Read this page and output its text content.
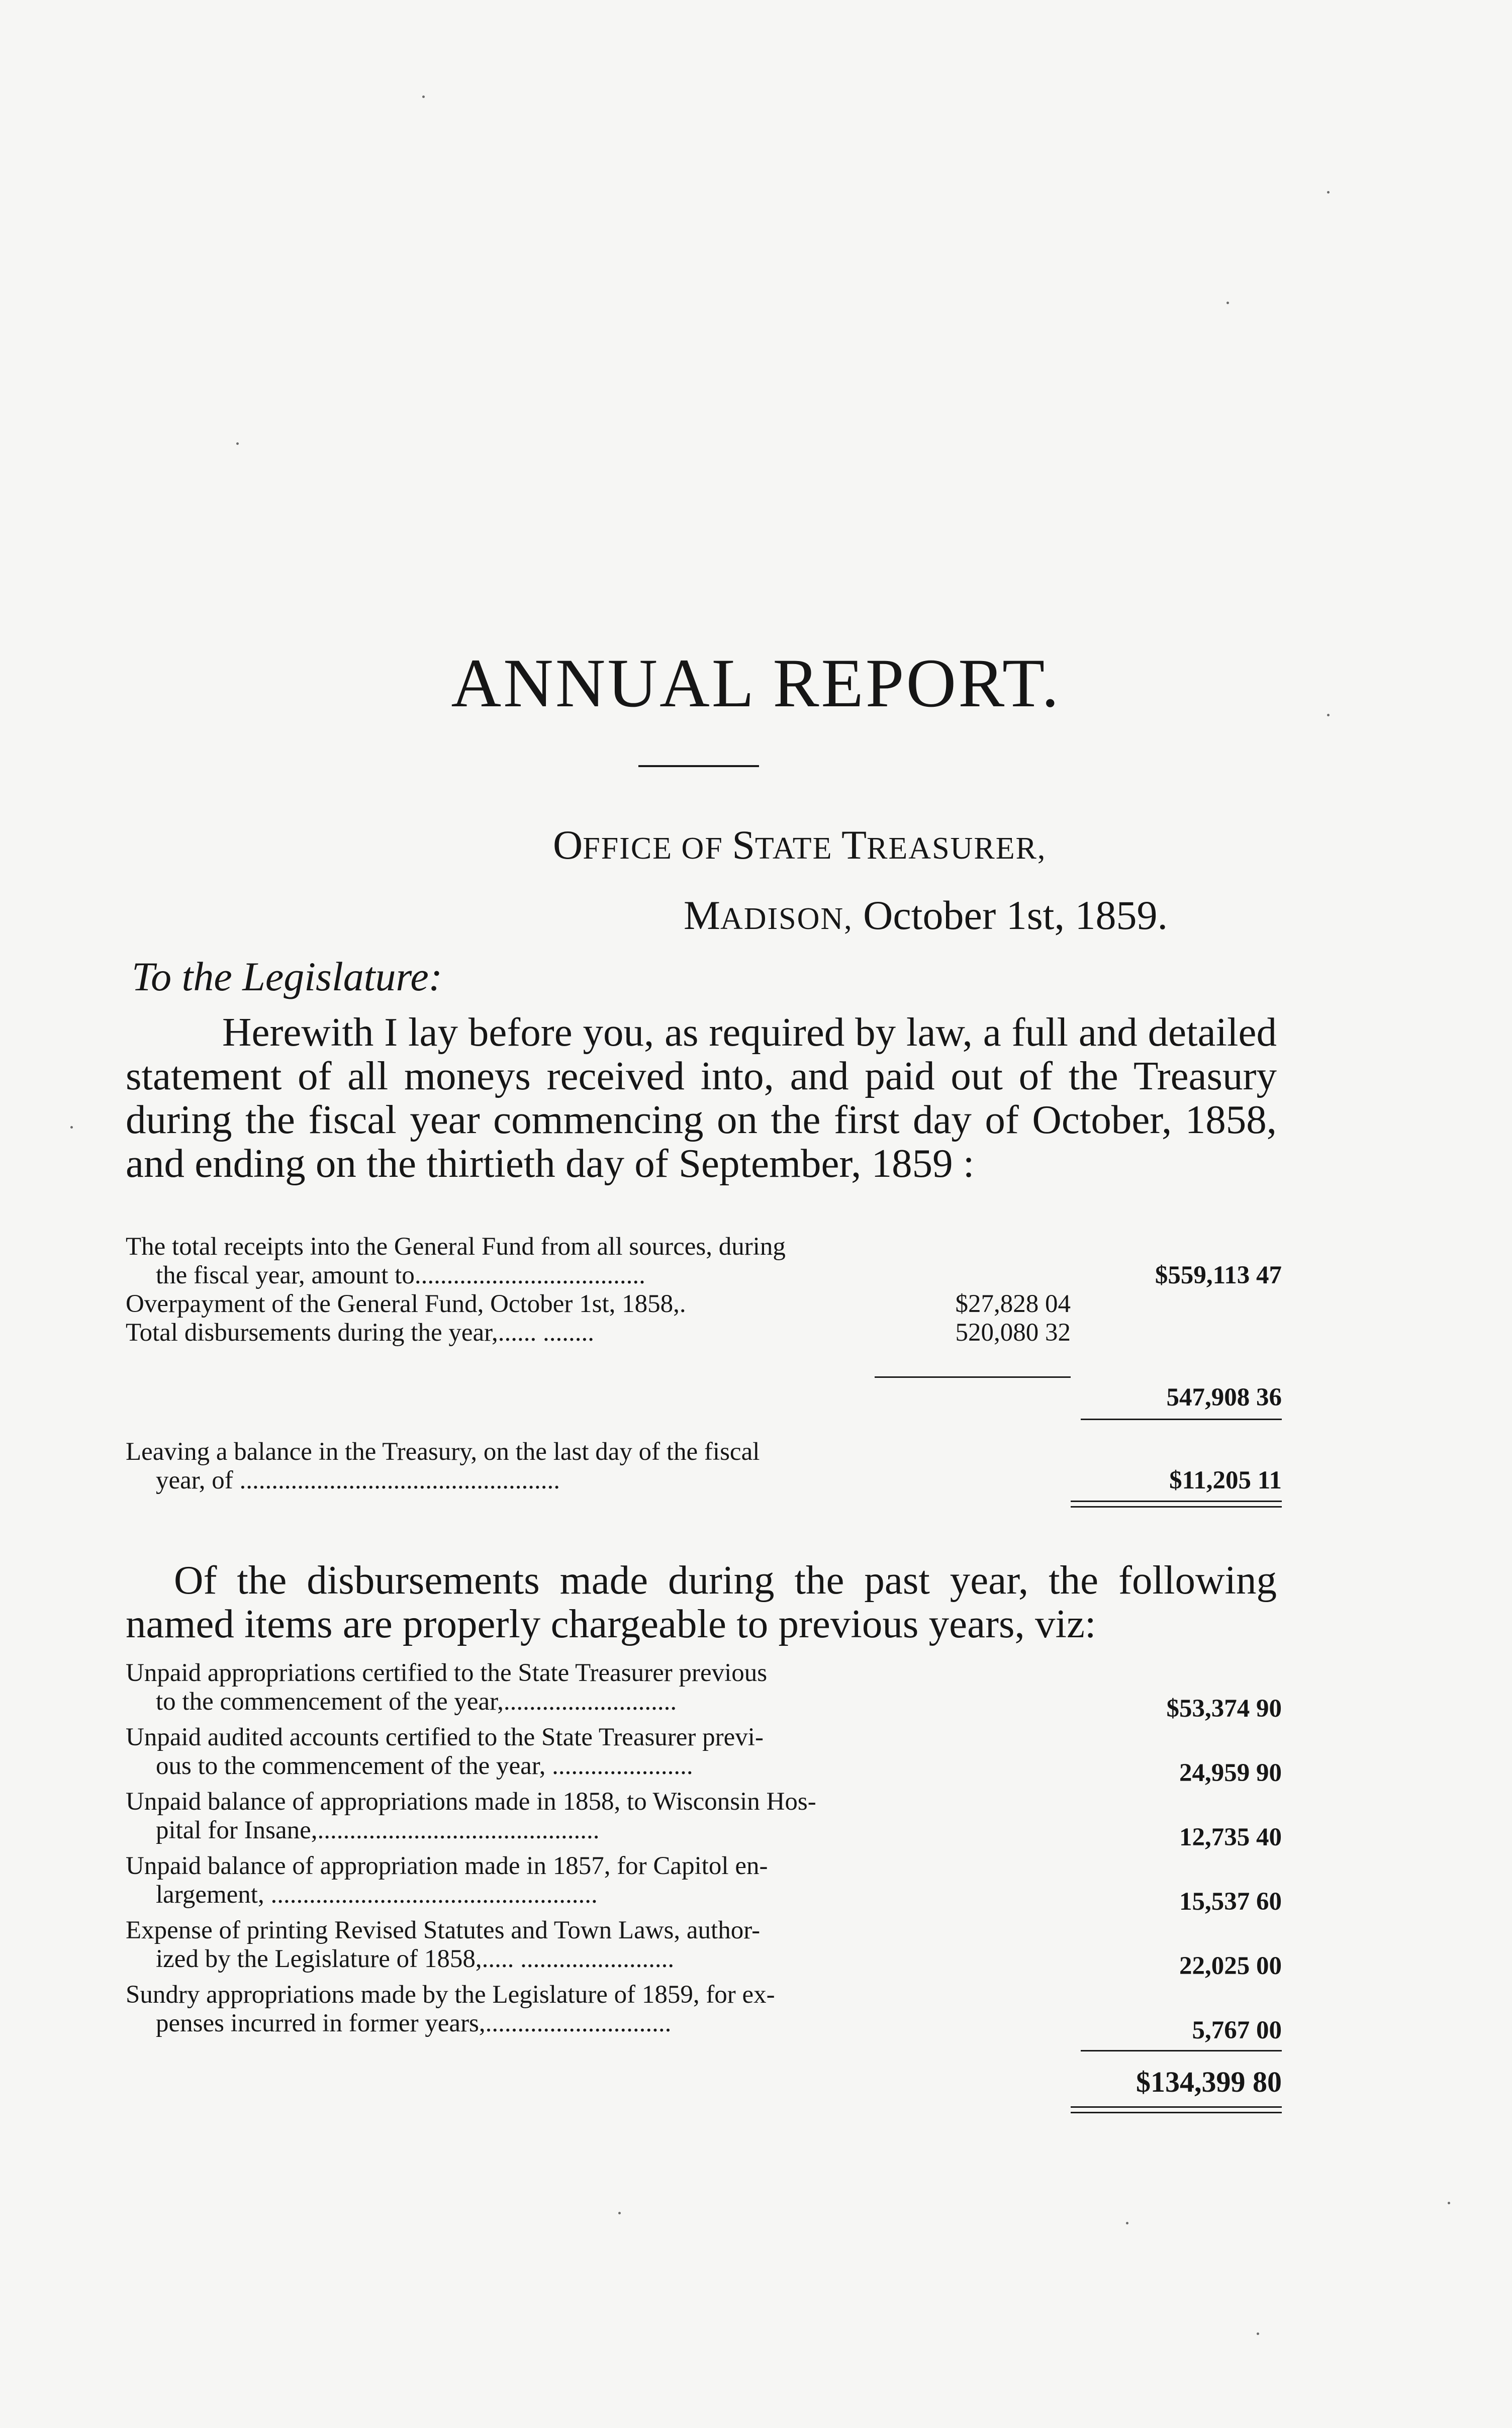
ANNUAL REPORT.
OFFICE OF STATE TREASURER,
MADISON, October 1st, 1859.
To the Legislature:

Herewith I lay before you, as required by law, a full and detailed statement of all moneys received into, and paid out of the Treasury during the fiscal year commencing on the first day of October, 1858, and ending on the thirtieth day of September, 1859 :

The total receipts into the General Fund from all sources, during
the fiscal year, amount to....................................	$559,113 47
Overpayment of the General Fund, October 1st, 1858,.	$27,828 04
Total disbursements during the year,...... ........	520,080 32
547,908 36
Leaving a balance in the Treasury, on the last day of the fiscal
year, of ..................................................	$11,205 11

Of the disbursements made during the past year, the following named items are properly chargeable to previous years, viz:

Unpaid appropriations certified to the State Treasurer previous
to the commencement of the year,...........................	$53,374 90
Unpaid audited accounts certified to the State Treasurer previ-
ous to the commencement of the year, ......................	24,959 90
Unpaid balance of appropriations made in 1858, to Wisconsin Hos-
pital for Insane,............................................	12,735 40
Unpaid balance of appropriation made in 1857, for Capitol en-
largement, ...................................................	15,537 60
Expense of printing Revised Statutes and Town Laws, author-
ized by the Legislature of 1858,..... ........................	22,025 00
Sundry appropriations made by the Legislature of 1859, for ex-
penses incurred in former years,.............................	5,767 00
$134,399 80
